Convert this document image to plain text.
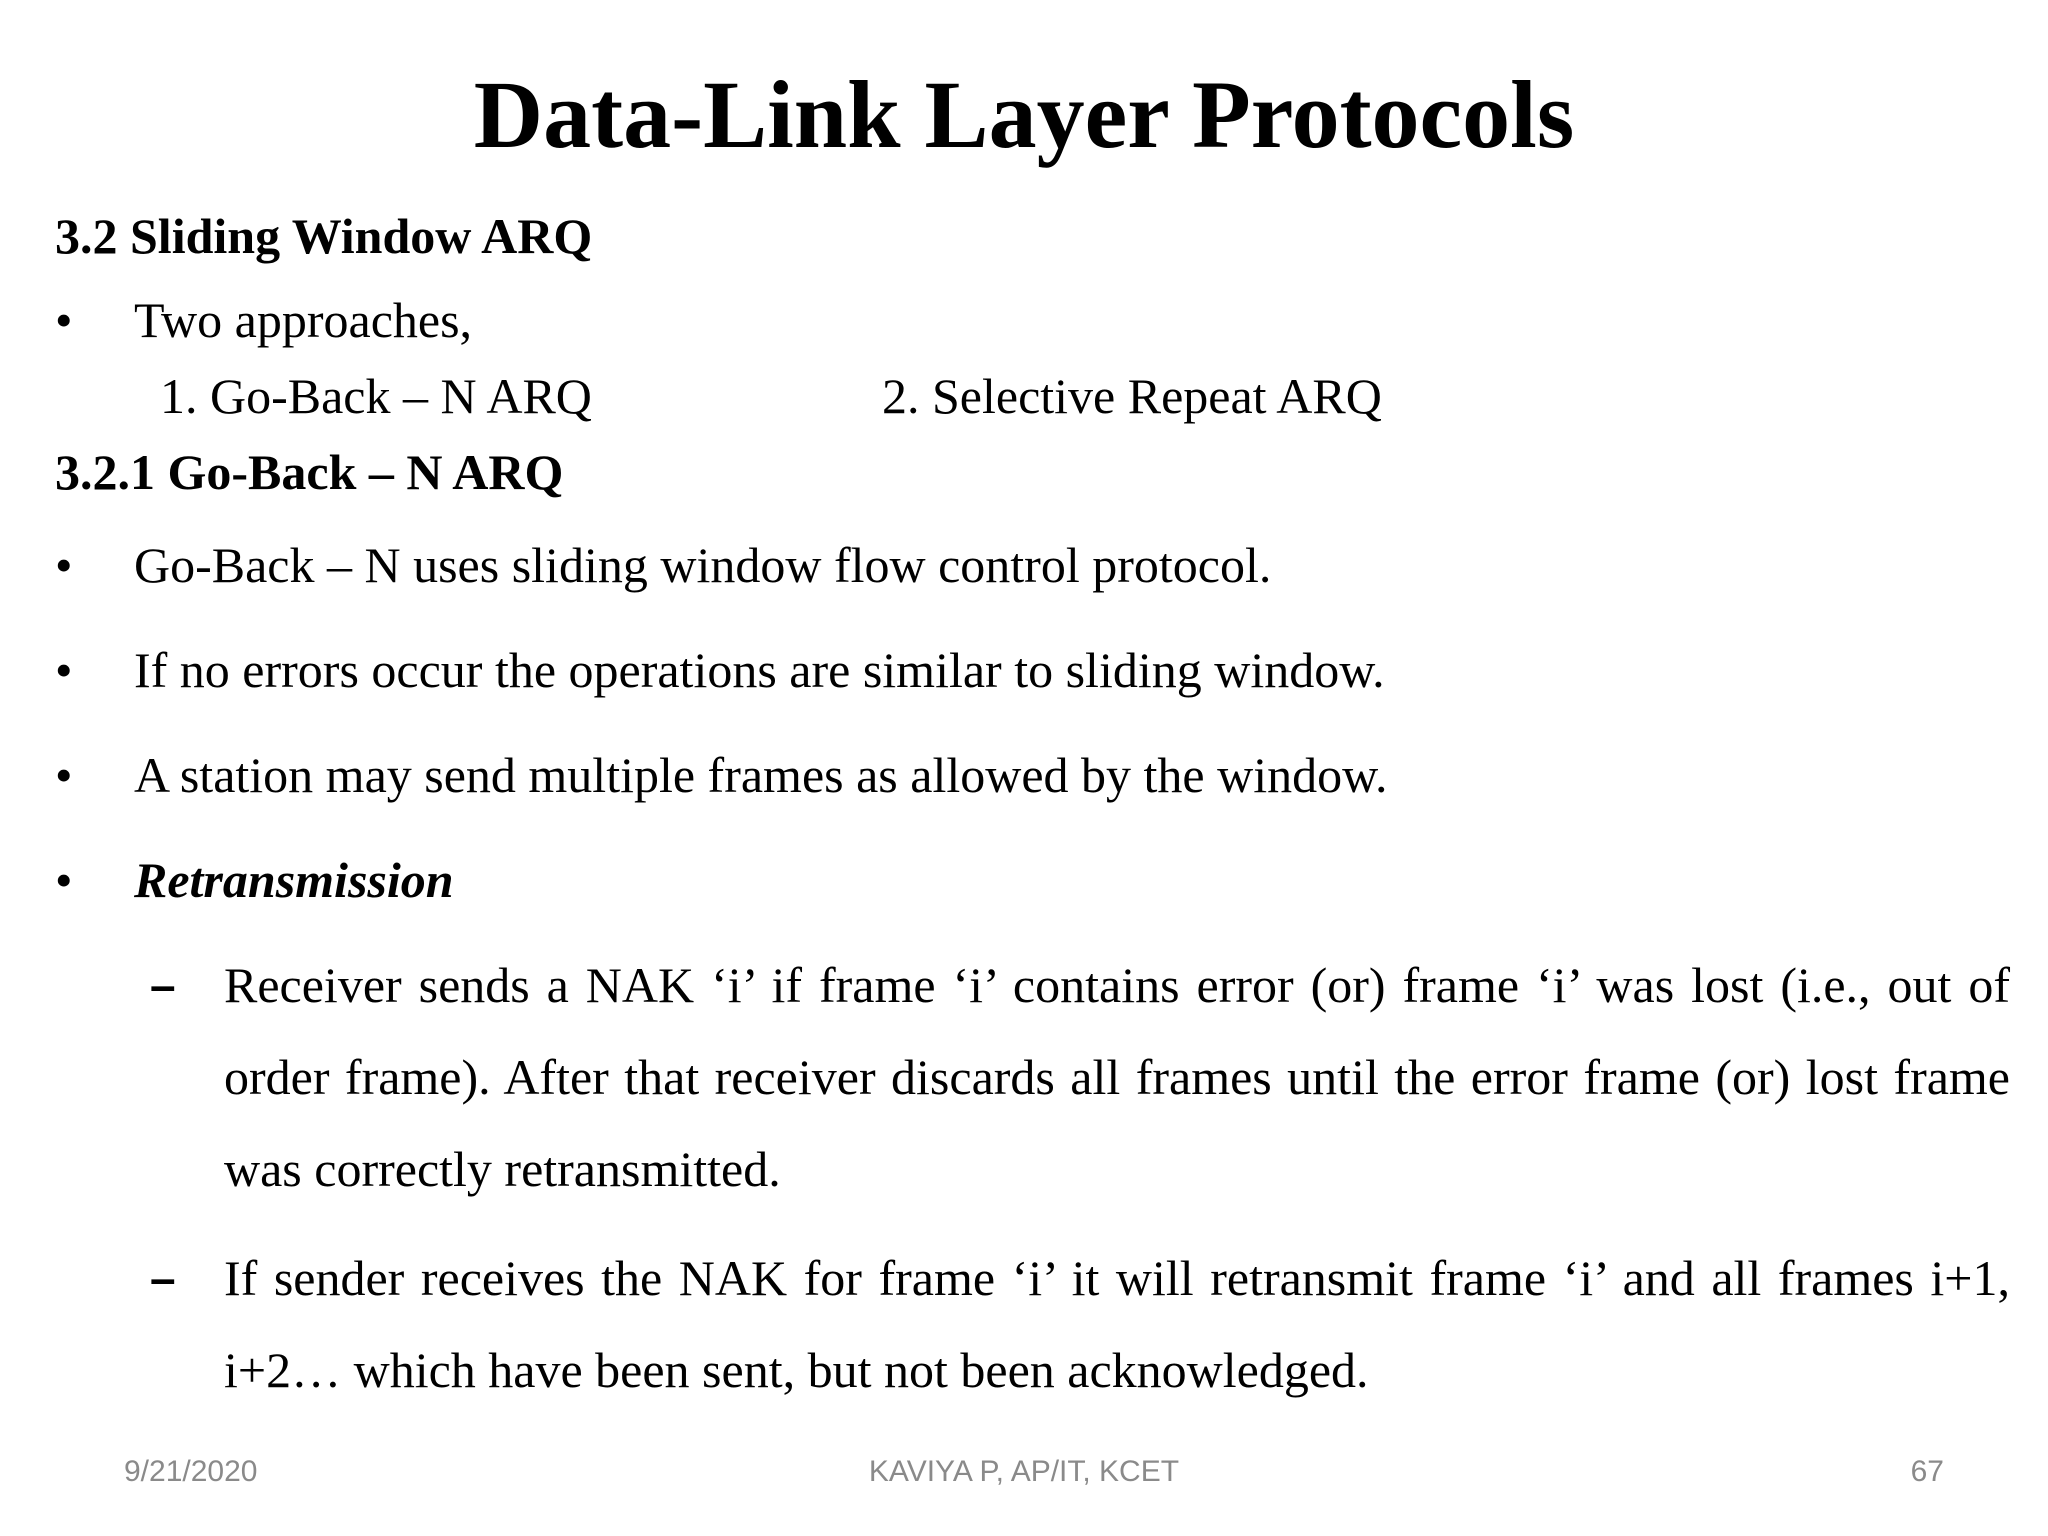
Data-Link Layer Protocols
3.2 Sliding Window ARQ
•	Two approaches,
1. Go-Back – N ARQ	2. Selective Repeat ARQ
3.2.1 Go-Back – N ARQ
•	Go-Back – N uses sliding window flow control protocol.
•	If no errors occur the operations are similar to sliding window.
•	A station may send multiple frames as allowed by the window.
•	Retransmission
– Receiver sends a NAK ‘i’ if frame ‘i’ contains error (or) frame ‘i’ was lost (i.e., out of order frame). After that receiver discards all frames until the error frame (or) lost frame was correctly retransmitted.
– If sender receives the NAK for frame ‘i’ it will retransmit frame ‘i’ and all frames i+1, i+2… which have been sent, but not been acknowledged.
9/21/2020	KAVIYA P, AP/IT, KCET	67
